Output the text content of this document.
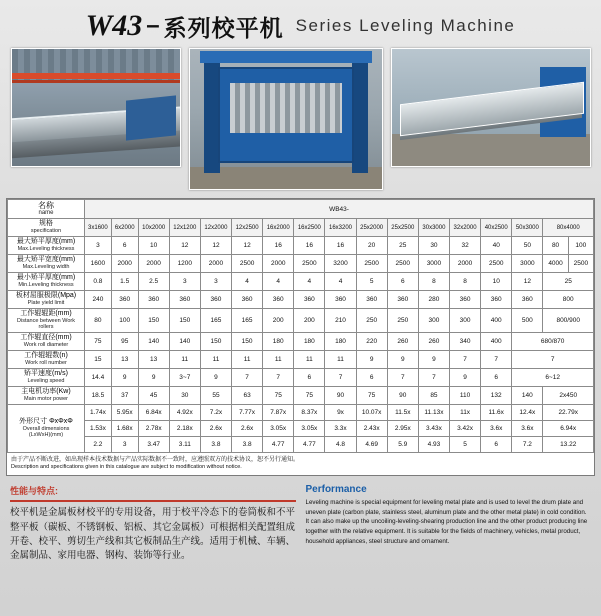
W43 – 系列校平机 Series Leveling Machine
名称
name	WB43-																

规格
specification	3x1600	6x2000	10x2000	12x1200	12x2000	12x2500	16x2000	16x2500	16x3200	25x2000	25x2500	30x3000	32x2000	40x2500	50x3000	80x4000	

最大矫平厚度(mm)
Max.Leveling thickness	3	6	10	12	12	12	16	16	16	20	25	30	32	40	50	80	100

最大矫平宽度(mm)
Max.Leveling width	1600	2000	2000	1200	2000	2500	2000	2500	3200	2500	2500	3000	2000	2500	3000	4000	2500

最小矫平厚度(mm)
Min.Leveling thickness	0.8	1.5	2.5	3	3	4	4	4	4	5	6	8	8	10	12	25	

板材屈服极限(Mpa)
Plate yield limit	240	360	360	360	360	360	360	360	360	360	360	280	360	360	360	800	

工作辊辊距(mm)
Distance between Work rollers	80	100	150	150	165	165	200	200	210	250	250	300	300	400	500	800/900	

工作辊直径(mm)
Work roll diameter	75	95	140	140	150	150	180	180	180	220	260	260	340	400	680/870		

工作辊辊数(n)
Work roll number	15	13	13	11	11	11	11	11	11	9	9	9	7	7	7		

矫平速度(m/s)
Leveling speed	14.4	9	9	3~7	9	7	7	6	7	6	7	7	9	6	6~12		

主电机功率(Kw)
Main motor power	18.5	37	45	30	55	63	75	75	90	75	90	85	110	132	140	2x450	

外形尺寸 ΦxΦxΦ
Overall dimensions
(LxWxH)(mm)	1.74x	5.95x	6.84x	4.92x	7.2x	7.77x	7.87x	8.37x	9x	10.07x	11.5x	11.13x	11x	11.6x	12.4x	22.79x	
	1.53x	1.68x	2.78x	2.18x	2.6x	2.6x	3.05x	3.05x	3.3x	2.43x	2.95x	3.43x	3.42x	3.6x	3.6x	6.94x	
	2.2	3	3.47	3.11	3.8	3.8	4.77	4.77	4.8	4.69	5.9	4.93	5	6	7.2	13.22	
由于产品不断改进，如出现样本技术数据与产品实际数据不一致时，应遵照双方的技术协议，恕不另行通知。
Description and specifications given in this catalogue are subject to modification without notice.
性能与特点:
校平机是金属板材校平的专用设备，用于校平冷态下的卷筒板和不平整平板（碳板、不锈钢板、铝板、其它金属板）可根据相关配置组成开卷、校平、剪切生产线和其它板制品生产线。适用于机械、车辆、金属制品、家用电器、钢构、装饰等行业。
Performance
Leveling machine is special equipment for leveling metal plate and is used to level the drum plate and uneven plate (carbon plate, stainless steel, aluminum plate and the other metal plate) in cold condition. It can also make up the uncoiling-leveling-shearing production line and the other product producing line together with the relative equipment. It is suitable for the fields of machinery, vehicles, metal product, household appliances, steel structure and ornament.
